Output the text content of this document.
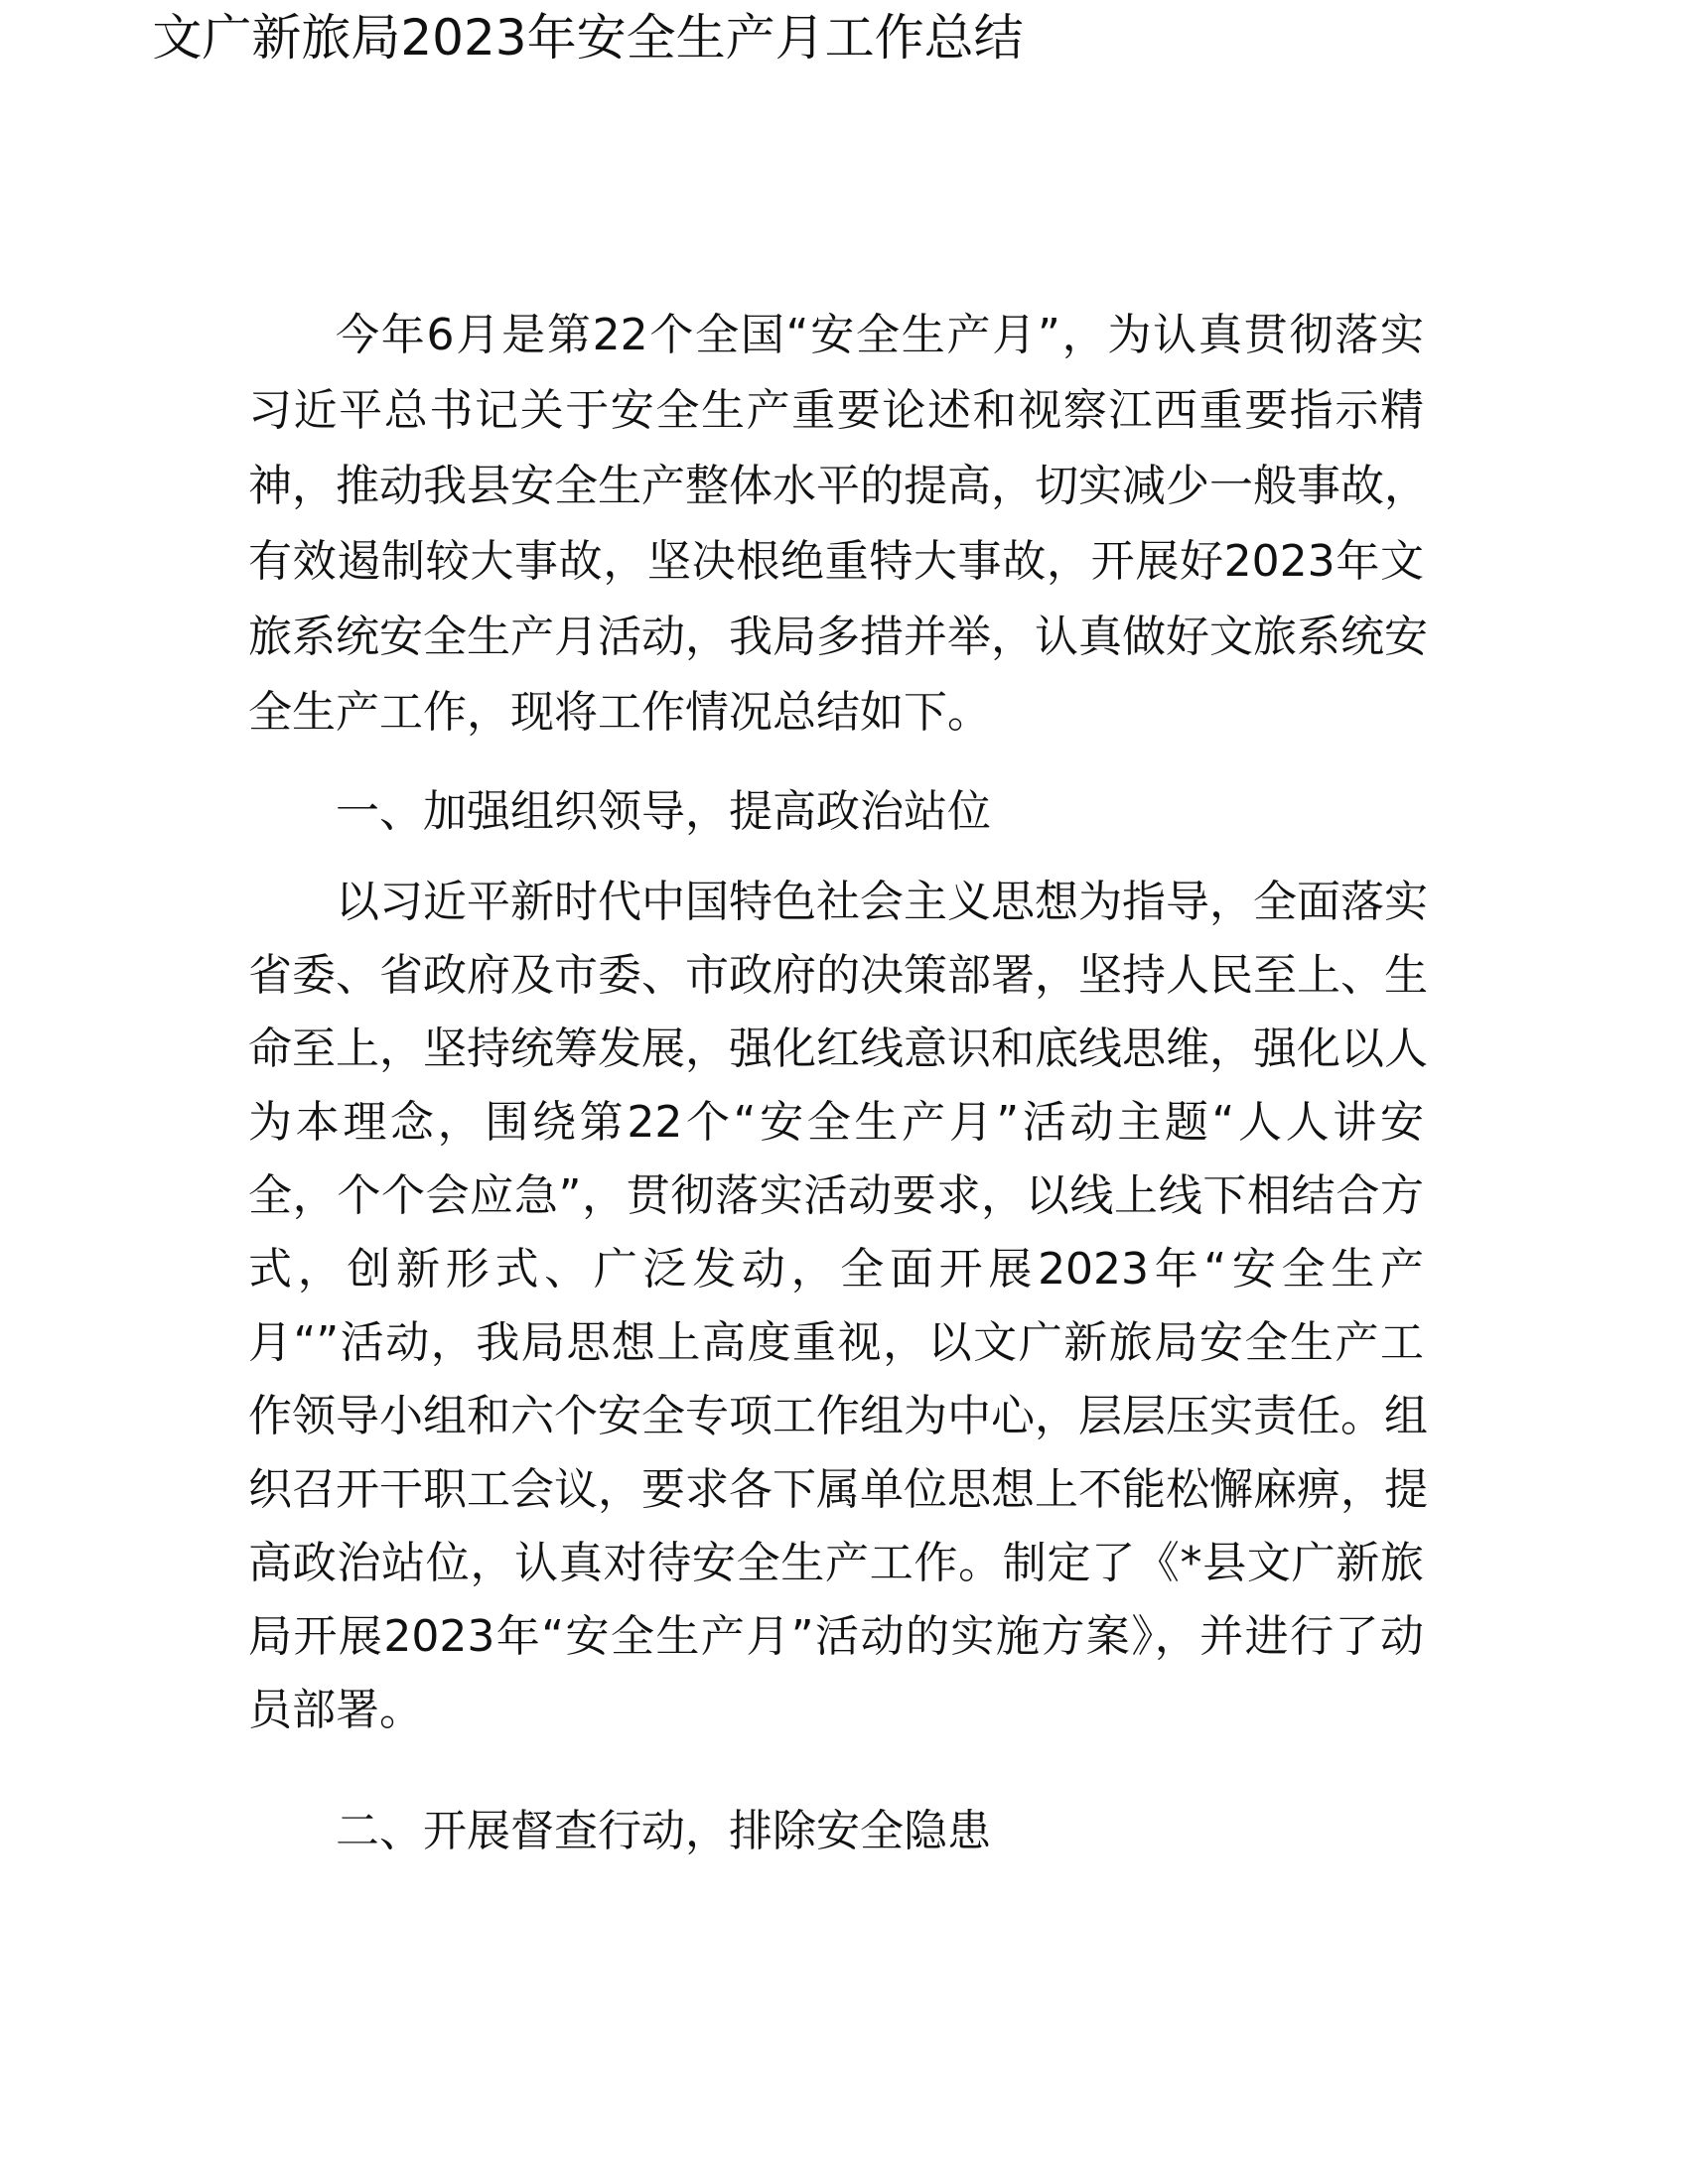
文广新旅局2023年安全生产月工作总结
今年6月是第22个全国“安全生产月”，为认真贯彻落实
习近平总书记关于安全生产重要论述和视察江西重要指示精
神，推动我县安全生产整体水平的提高，切实减少一般事故，
有效遏制较大事故，坚决根绝重特大事故，开展好2023年文
旅系统安全生产月活动，我局多措并举，认真做好文旅系统安
全生产工作，现将工作情况总结如下。
一、加强组织领导，提高政治站位
以习近平新时代中国特色社会主义思想为指导，全面落实
省委、省政府及市委、市政府的决策部署，坚持人民至上、生
命至上，坚持统筹发展，强化红线意识和底线思维，强化以人
为本理念，围绕第22个“安全生产月”活动主题“人人讲安
全，个个会应急”，贯彻落实活动要求，以线上线下相结合方
式，创新形式、广泛发动，全面开展2023年“安全生产
月“”活动，我局思想上高度重视，以文广新旅局安全生产工
作领导小组和六个安全专项工作组为中心，层层压实责任。组
织召开干职工会议，要求各下属单位思想上不能松懈麻痹，提
高政治站位，认真对待安全生产工作。制定了《*县文广新旅
局开展2023年“安全生产月”活动的实施方案》，并进行了动
员部署。
二、开展督查行动，排除安全隐患
